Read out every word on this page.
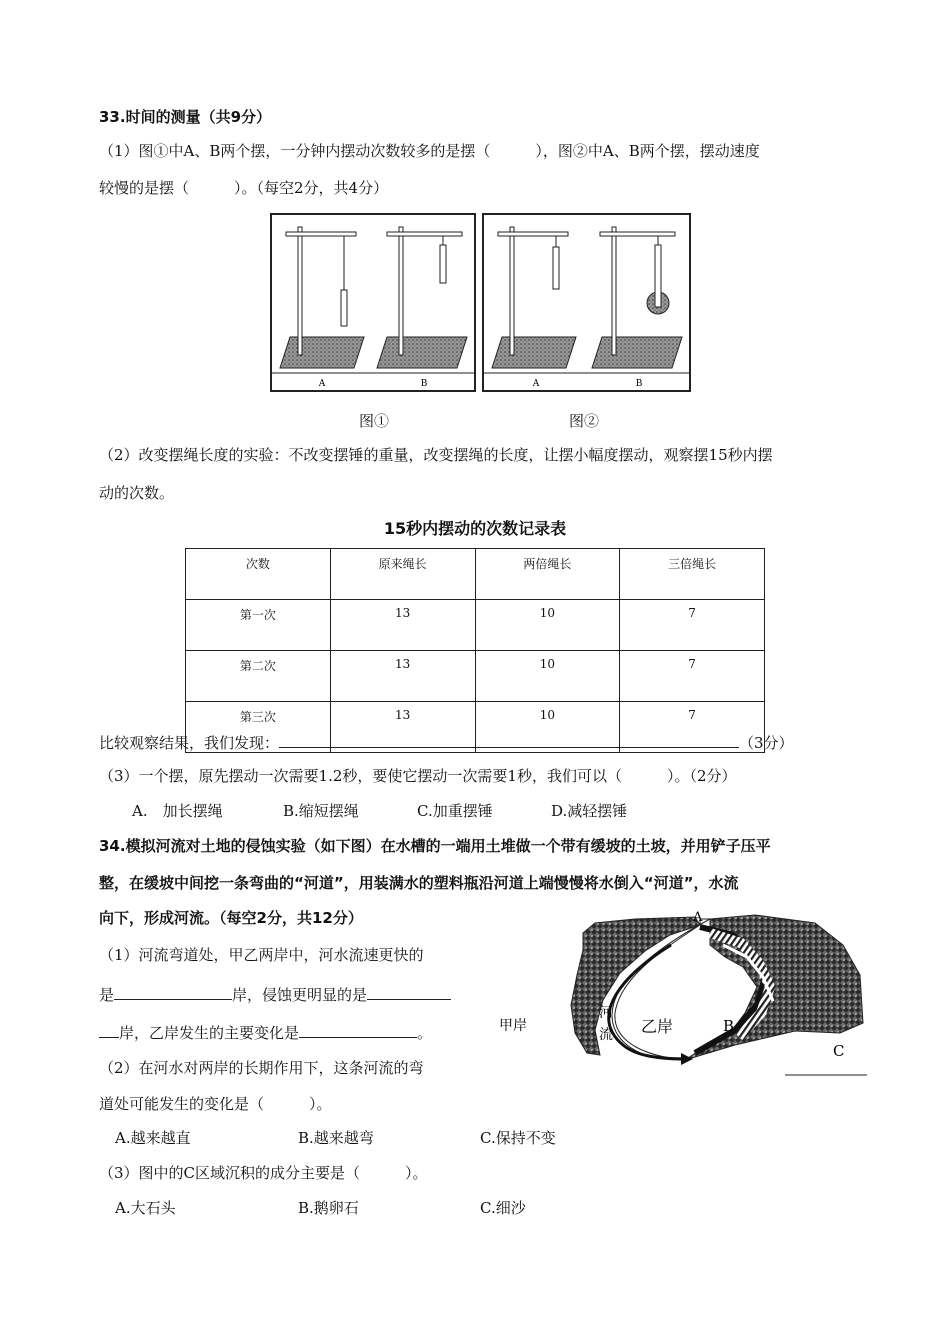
33.时间的测量（共9分）
（1）图①中A、B两个摆，一分钟内摆动次数较多的是摆（　　　），图②中A、B两个摆，摆动速度
较慢的是摆（　　　）。（每空2分，共4分）
A	B	A	B
图①	图②
（2）改变摆绳长度的实验：不改变摆锤的重量，改变摆绳的长度，让摆小幅度摆动，观察摆15秒内摆
动的次数。
15秒内摆动的次数记录表
次数	原来绳长	两倍绳长	三倍绳长
第一次	13	10	7
第二次	13	10	7
第三次	13	10	7
比较观察结果，我们发现：	（3分）
（3）一个摆，原先摆动一次需要1.2秒，要使它摆动一次需要1秒，我们可以（　　　）。（2分）
A.　加长摆绳	B.缩短摆绳	C.加重摆锤	D.减轻摆锤
34.模拟河流对土地的侵蚀实验（如下图）在水槽的一端用土堆做一个带有缓坡的土坡，并用铲子压平
整，在缓坡中间挖一条弯曲的“河道”，用装满水的塑料瓶沿河道上端慢慢将水倒入“河道”，水流
向下，形成河流。（每空2分，共12分）
（1）河流弯道处，甲乙两岸中，河水流速更快的
是	岸，侵蚀更明显的是
岸，乙岸发生的主要变化是	。
（2）在河水对两岸的长期作用下，这条河流的弯
道处可能发生的变化是（　　　）。
A.越来越直	B.越来越弯	C.保持不变
（3）图中的C区域沉积的成分主要是（　　　）。
A.大石头	B.鹅卵石	C.细沙
A
B
C
甲岸	乙岸
河
流
